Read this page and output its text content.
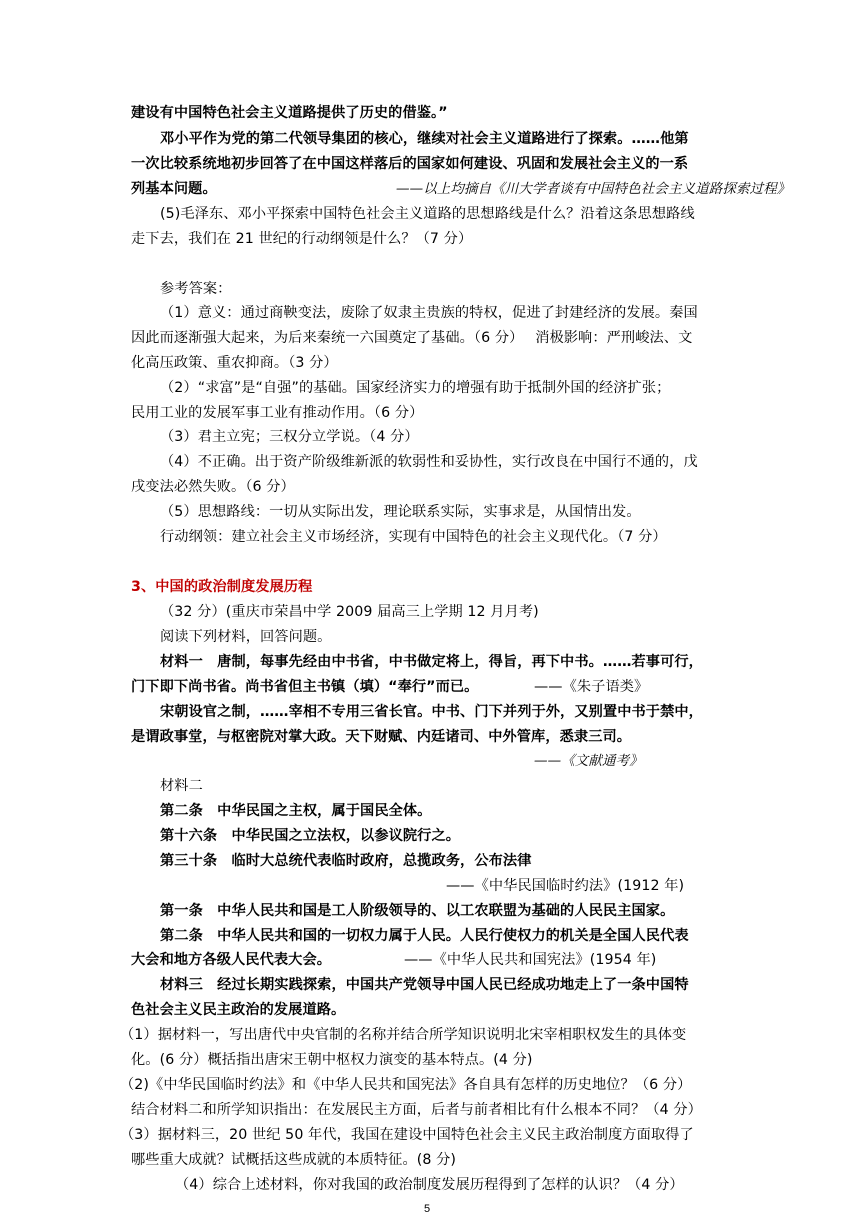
建设有中国特色社会主义道路提供了历史的借鉴。”
邓小平作为党的第二代领导集团的核心，继续对社会主义道路进行了探索。……他第
一次比较系统地初步回答了在中国这样落后的国家如何建设、巩固和发展社会主义的一系
列基本问题。	——以上均摘自《川大学者谈有中国特色社会主义道路探索过程》
(5)毛泽东、邓小平探索中国特色社会主义道路的思想路线是什么？沿着这条思想路线
走下去，我们在 21 世纪的行动纲领是什么？（7 分）
参考答案：
（1）意义：通过商鞅变法，废除了奴隶主贵族的特权，促进了封建经济的发展。秦国
因此而逐渐强大起来，为后来秦统一六国奠定了基础。（6 分）　 消极影响：严刑峻法、文
化高压政策、重农抑商。（3 分）
（2）“求富”是“自强”的基础。国家经济实力的增强有助于抵制外国的经济扩张；
民用工业的发展军事工业有推动作用。（6 分）
（3）君主立宪；三权分立学说。（4 分）
（4）不正确。出于资产阶级维新派的软弱性和妥协性，实行改良在中国行不通的，戊
戌变法必然失败。（6 分）
（5）思想路线：一切从实际出发，理论联系实际，实事求是，从国情出发。
行动纲领：建立社会主义市场经济，实现有中国特色的社会主义现代化。（7 分）
3、中国的政治制度发展历程
（32 分）(重庆市荣昌中学 2009 届高三上学期 12 月月考)
阅读下列材料，回答问题。
材料一　唐制，每事先经由中书省，中书做定将上，得旨，再下中书。……若事可行，
门下即下尚书省。尚书省但主书镇（填）“奉行”而已。	——《朱子语类》
宋朝设官之制，……宰相不专用三省长官。中书、门下并列于外，又别置中书于禁中，
是谓政事堂，与枢密院对掌大政。天下财赋、内廷诸司、中外管库，悉隶三司。
——《文献通考》
材料二
第二条　中华民国之主权，属于国民全体。
第十六条　中华民国之立法权，以参议院行之。
第三十条　临时大总统代表临时政府，总揽政务，公布法律
——《中华民国临时约法》(1912 年)
第一条　中华人民共和国是工人阶级领导的、以工农联盟为基础的人民民主国家。
第二条　中华人民共和国的一切权力属于人民。人民行使权力的机关是全国人民代表
大会和地方各级人民代表大会。	——《中华人民共和国宪法》(1954 年)
材料三　经过长期实践探索，中国共产党领导中国人民已经成功地走上了一条中国特
色社会主义民主政治的发展道路。
（1）据材料一，写出唐代中央官制的名称并结合所学知识说明北宋宰相职权发生的具体变
化。(6 分）概括指出唐宋王朝中枢权力演变的基本特点。(4 分)
（2)《中华民国临时约法》和《中华人民共和国宪法》各自具有怎样的历史地位？（6 分）
结合材料二和所学知识指出：在发展民主方面，后者与前者相比有什么根本不同？（4 分）
（3）据材料三，20 世纪 50 年代，我国在建设中国特色社会主义民主政治制度方面取得了
哪些重大成就？试概括这些成就的本质特征。(8 分)
（4）综合上述材料，你对我国的政治制度发展历程得到了怎样的认识？（4 分）
5
